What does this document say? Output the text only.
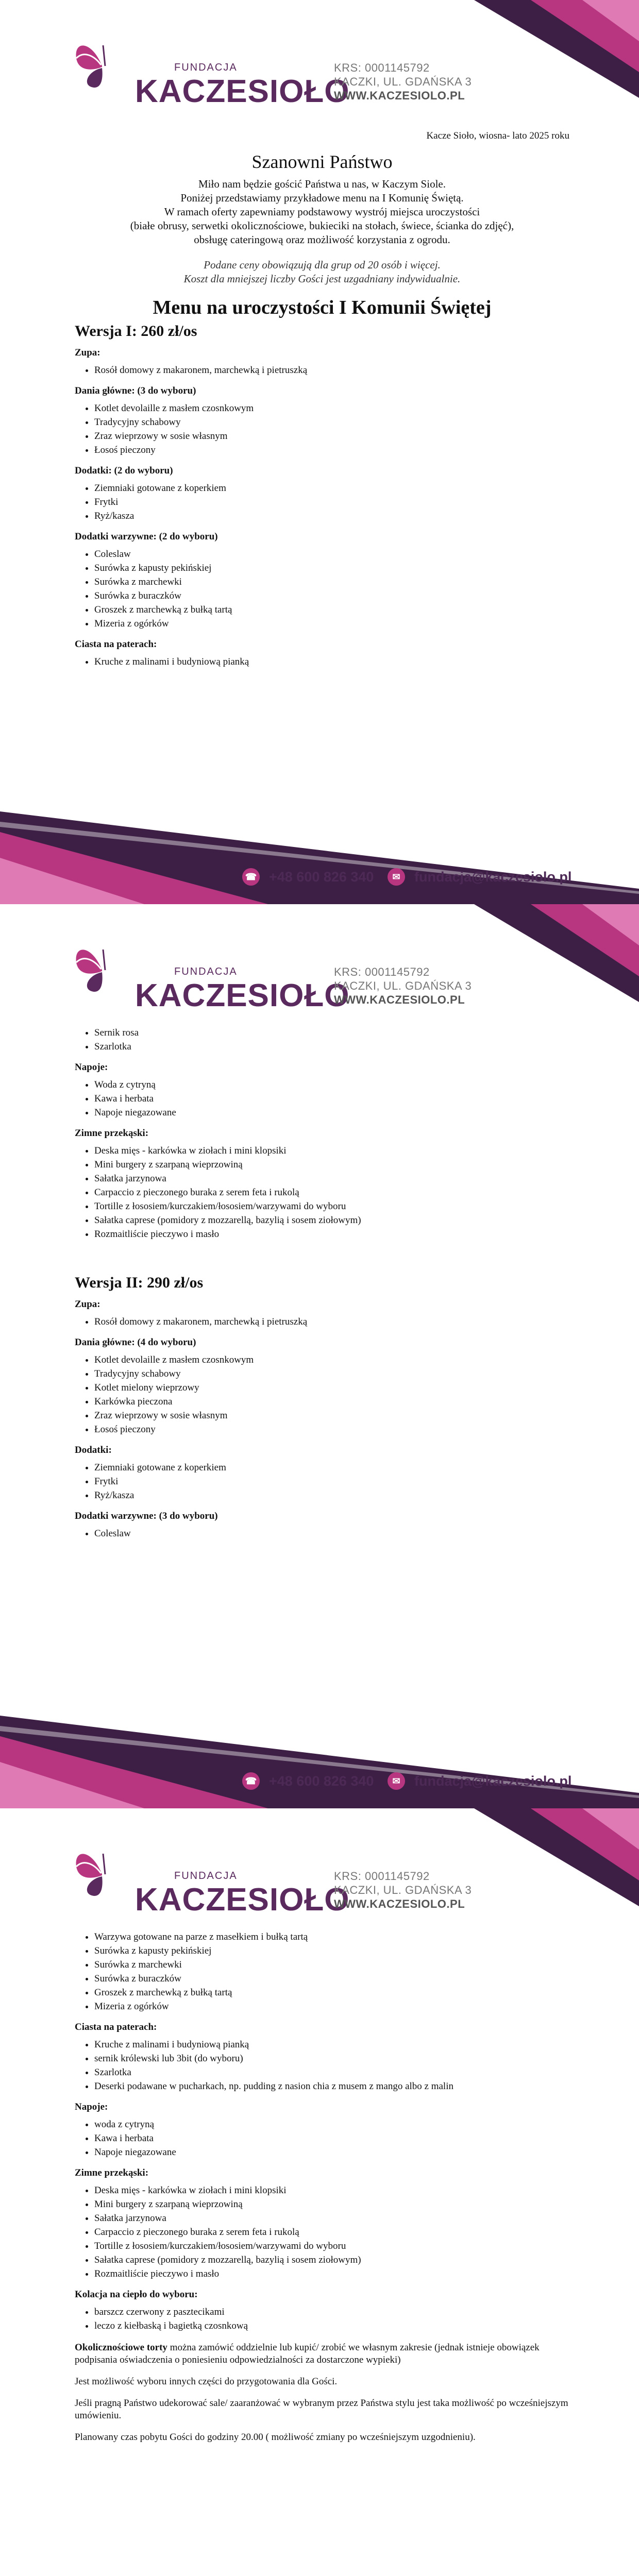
FUNDACJA
KACZESIOŁO
KRS: 0001145792
KACZKI, UL. GDAŃSKA 3
WWW.KACZESIOLO.PL

Kacze Sioło, wiosna- lato 2025 roku

Szanowni Państwo

Miło nam będzie gościć Państwa u nas, w Kaczym Siole.

Poniżej przedstawiamy przykładowe menu na I Komunię Świętą.

W ramach oferty zapewniamy podstawowy wystrój miejsca uroczystości

(białe obrusy, serwetki okolicznościowe, bukieciki na stołach, świece, ścianka do zdjęć),

obsługę cateringową oraz możliwość korzystania z ogrodu.

Podane ceny obowiązują dla grup od 20 osób i więcej.

Koszt dla mniejszej liczby Gości jest uzgadniany indywidualnie.

Menu na uroczystości I Komunii Świętej
Wersja I: 260 zł/os

Zupa:

• Rosół domowy z makaronem, marchewką i pietruszką

Dania główne: (3 do wyboru)

• Kotlet devolaille z masłem czosnkowym
• Tradycyjny schabowy
• Zraz wieprzowy w sosie własnym
• Łosoś pieczony

Dodatki: (2 do wyboru)

• Ziemniaki gotowane z koperkiem
• Frytki
• Ryż/kasza

Dodatki warzywne: (2 do wyboru)

• Coleslaw
• Surówka z kapusty pekińskiej
• Surówka z marchewki
• Surówka z buraczków
• Groszek z marchewką z bułką tartą
• Mizeria z ogórków

Ciasta na paterach:

• Kruche z malinami i budyniową pianką
☎ +48 600 826 340	✉	fundacja@kaczesiolo.pl
FUNDACJA
KACZESIOŁO
KRS: 0001145792
KACZKI, UL. GDAŃSKA 3
WWW.KACZESIOLO.PL
• Sernik rosa
• Szarlotka

Napoje:

• Woda z cytryną
• Kawa i herbata
• Napoje niegazowane

Zimne przekąski:

• Deska mięs - karkówka w ziołach i mini klopsiki
• Mini burgery z szarpaną wieprzowiną
• Sałatka jarzynowa
• Carpaccio z pieczonego buraka z serem feta i rukolą
• Tortille z łososiem/kurczakiem/łososiem/warzywami do wyboru
• Sałatka caprese (pomidory z mozzarellą, bazylią i sosem ziołowym)
• Rozmaitliście pieczywo i masło
Wersja II: 290 zł/os

Zupa:

• Rosół domowy z makaronem, marchewką i pietruszką

Dania główne: (4 do wyboru)

• Kotlet devolaille z masłem czosnkowym
• Tradycyjny schabowy
• Kotlet mielony wieprzowy
• Karkówka pieczona
• Zraz wieprzowy w sosie własnym
• Łosoś pieczony

Dodatki:

• Ziemniaki gotowane z koperkiem
• Frytki
• Ryż/kasza

Dodatki warzywne: (3 do wyboru)

• Coleslaw
☎ +48 600 826 340	✉	fundacja@kaczesiolo.pl
FUNDACJA
KACZESIOŁO
KRS: 0001145792
KACZKI, UL. GDAŃSKA 3
WWW.KACZESIOLO.PL
• Warzywa gotowane na parze z masełkiem i bułką tartą
• Surówka z kapusty pekińskiej
• Surówka z marchewki
• Surówka z buraczków
• Groszek z marchewką z bułką tartą
• Mizeria z ogórków

Ciasta na paterach:

• Kruche z malinami i budyniową pianką
• sernik królewski lub 3bit (do wyboru)
• Szarlotka
• Deserki podawane w pucharkach, np. pudding z nasion chia z musem z mango albo z malin

Napoje:

• woda z cytryną
• Kawa i herbata
• Napoje niegazowane

Zimne przekąski:

• Deska mięs - karkówka w ziołach i mini klopsiki
• Mini burgery z szarpaną wieprzowiną
• Sałatka jarzynowa
• Carpaccio z pieczonego buraka z serem feta i rukolą
• Tortille z łososiem/kurczakiem/łososiem/warzywami do wyboru
• Sałatka caprese (pomidory z mozzarellą, bazylią i sosem ziołowym)
• Rozmaitliście pieczywo i masło

Kolacja na ciepło do wyboru:

• barszcz czerwony z pasztecikami
• leczo z kiełbaską i bagietką czosnkową

Okolicznościowe torty można zamówić oddzielnie lub kupić/ zrobić we własnym zakresie (jednak istnieje obowiązek podpisania oświadczenia o poniesieniu odpowiedzialności za dostarczone wypieki)

Jest możliwość wyboru innych części do przygotowania dla Gości.

Jeśli pragną Państwo udekorować sale/ zaaranżować w wybranym przez Państwa stylu jest taka możliwość po wcześniejszym umówieniu.

Planowany czas pobytu Gości do godziny 20.00 ( możliwość zmiany po wcześniejszym uzgodnieniu).
